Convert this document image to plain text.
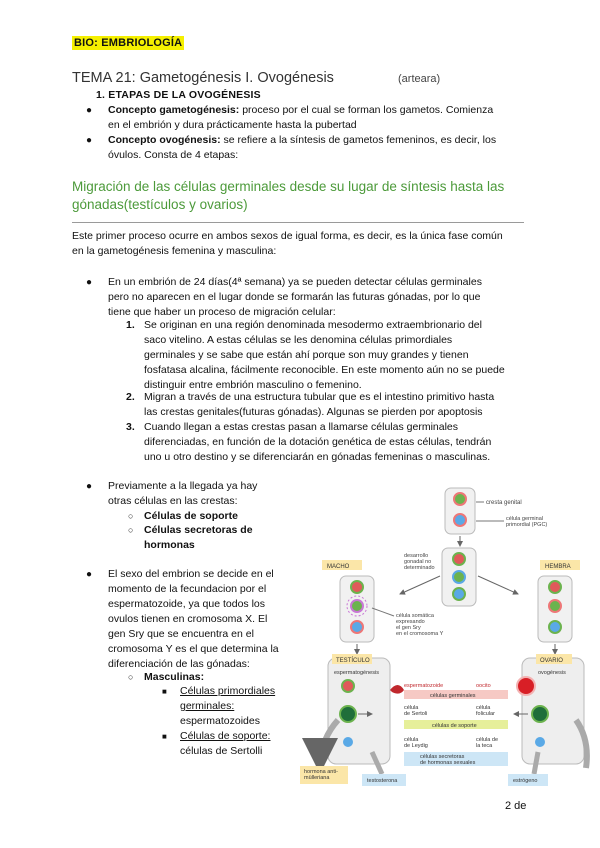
BIO: EMBRIOLOGÍA
TEMA 21: Gametogénesis I. Ovogénesis	(arteara)
1. ETAPAS DE LA OVOGÉNESIS
● Concepto gametogénesis: proceso por el cual se forman los gametos. Comienza
en el embrión y dura prácticamente hasta la pubertad
● Concepto ovogénesis: se refiere a la síntesis de gametos femeninos, es decir, los
óvulos. Consta de 4 etapas:
Migración de las células germinales desde su lugar de síntesis hasta las
gónadas(testículos y ovarios)
Este primer proceso ocurre en ambos sexos de igual forma, es decir, es la única fase común
en la gametogénesis femenina y masculina:
● En un embrión de 24 días(4ª semana) ya se pueden detectar células germinales
pero no aparecen en el lugar donde se formarán las futuras gónadas, por lo que
tiene que haber un proceso de migración celular:
1. Se originan en una región denominada mesodermo extraembrionario del
saco vitelino. A estas células se les denomina células primordiales
germinales y se sabe que están ahí porque son muy grandes y tienen
fosfatasa alcalina, fácilmente reconocible. En este momento aún no se puede
distinguir entre embrión masculino o femenino.
2. Migran a través de una estructura tubular que es el intestino primitivo hasta
las crestas genitales(futuras gónadas). Algunas se pierden por apoptosis
3. Cuando llegan a estas crestas pasan a llamarse células germinales
diferenciadas, en función de la dotación genética de estas células, tendrán
uno u otro destino y se diferenciarán en gónadas femeninas o masculinas.
● Previamente a la llegada ya hay
otras células en las crestas:
○ Células de soporte
○ Células secretoras de
hormonas
● El sexo del embrion se decide en el
momento de la fecundacion por el
espermatozoide, ya que todos los
ovulos tienen en cromosoma X. El
gen Sry que se encuentra en el
cromosoma Y es el que determina la
diferenciación de las gónadas:
○ Masculinas:
■ Células primordiales
germinales:
espermatozoides
■ Células de soporte:
células de Sertolli
cresta genital
célula germinal primordial (PGC)
desarrollo gonadal no determinado
MACHO
célula somática expresando el gen Sry en el cromosoma Y
HEMBRA
TESTÍCULO
espermatogénesis
OVARIO
ovogénesis
espermatozoide	oocito
células germinales
célula de Sertoli
célula folicular
células de soporte
célula de Leydig
célula de la teca
células secretoras de hormonas sexuales
hormona anti-mülleriana	testosterona	estrógeno
2 de
